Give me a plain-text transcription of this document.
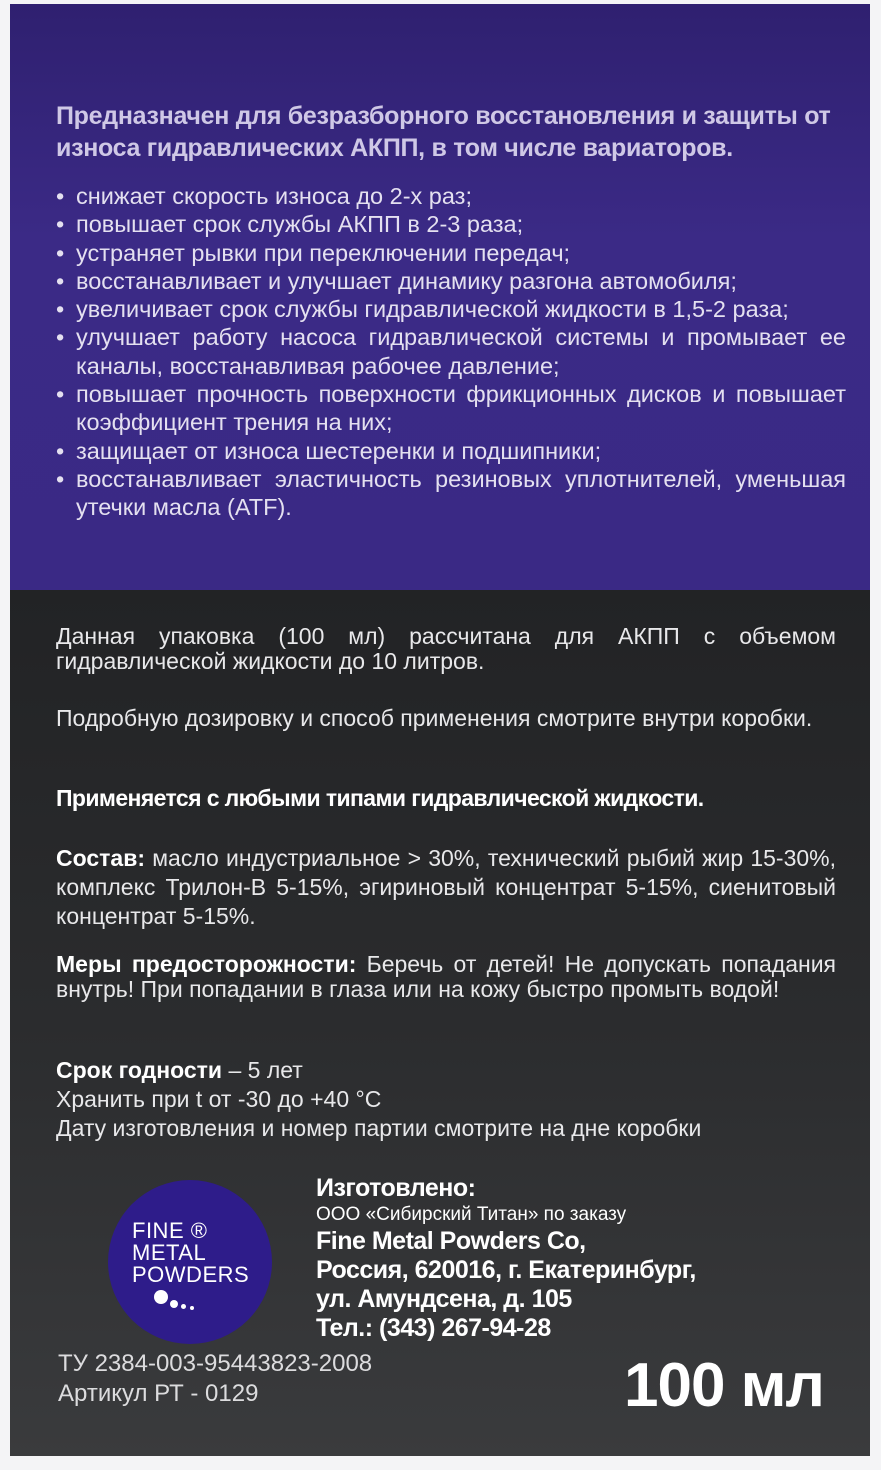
Предназначен для безразборного восстановления и защиты от износа гидравлических АКПП, в том числе вариаторов.
• снижает скорость износа до 2-х раз;
• повышает срок службы АКПП в 2-3 раза;
• устраняет рывки при переключении передач;
• восстанавливает и улучшает динамику разгона автомобиля;
• увеличивает срок службы гидравлической жидкости в 1,5-2 раза;
• улучшает работу насоса гидравлической системы и промывает ее каналы, восстанавливая рабочее давление;
• повышает прочность поверхности фрикционных дисков и повышает коэффициент трения на них;
• защищает от износа шестеренки и подшипники;
• восстанавливает эластичность резиновых уплотнителей, уменьшая утечки масла (ATF).
Данная упаковка (100 мл) рассчитана для АКПП с объемом гидравлической жидкости до 10 литров.
Подробную дозировку и способ применения смотрите внутри коробки.
Применяется с любыми типами гидравлической жидкости.
Состав: масло индустриальное > 30%, технический рыбий жир 15-30%, комплекс Трилон-В 5-15%, эгириновый концентрат 5-15%, сиенитовый концентрат 5-15%.
Меры предосторожности: Беречь от детей! Не допускать попадания внутрь! При попадании в глаза или на кожу быстро промыть водой!
Срок годности – 5 лет
Хранить при t от -30 до +40 °С
Дату изготовления и номер партии смотрите на дне коробки
FINE ®
METAL
POWDERS
Изготовлено:
ООО «Сибирский Титан» по заказу
Fine Metal Powders Co,
Россия, 620016, г. Екатеринбург,
ул. Амундсена, д. 105
Тел.: (343) 267-94-28
ТУ 2384-003-95443823-2008
Артикул РТ - 0129	100 мл
